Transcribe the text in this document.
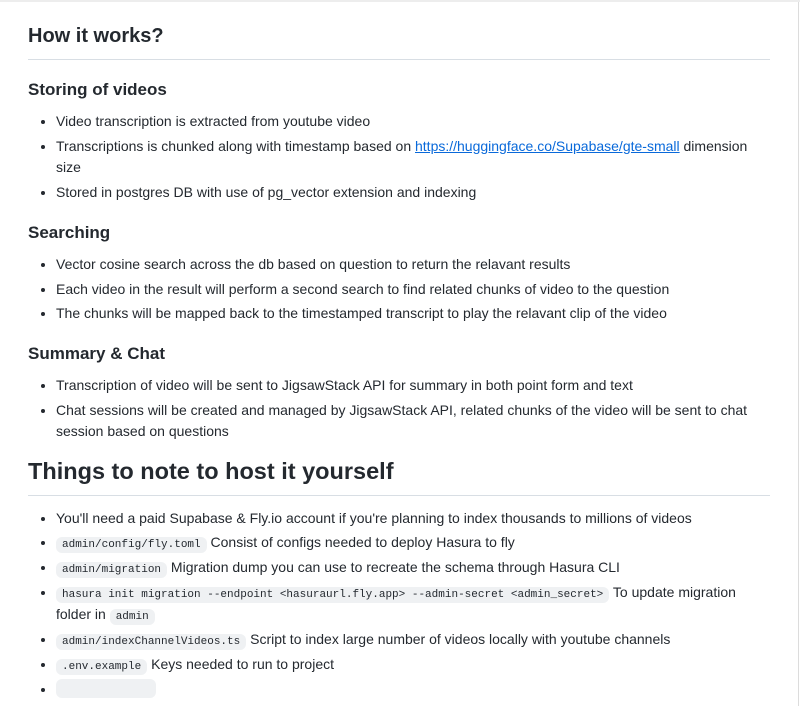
How it works?
Storing of videos
• Video transcription is extracted from youtube video
• Transcriptions is chunked along with timestamp based on https://huggingface.co/Supabase/gte-small dimension size
• Stored in postgres DB with use of pg_vector extension and indexing
Searching
• Vector cosine search across the db based on question to return the relavant results
• Each video in the result will perform a second search to find related chunks of video to the question
• The chunks will be mapped back to the timestamped transcript to play the relavant clip of the video
Summary & Chat
• Transcription of video will be sent to JigsawStack API for summary in both point form and text
• Chat sessions will be created and managed by JigsawStack API, related chunks of the video will be sent to chat session based on questions
Things to note to host it yourself
• You'll need a paid Supabase & Fly.io account if you're planning to index thousands to millions of videos
• admin/config/fly.toml Consist of configs needed to deploy Hasura to fly
• admin/migration Migration dump you can use to recreate the schema through Hasura CLI
• hasura init migration --endpoint <hasuraurl.fly.app> --admin-secret <admin_secret> To update migration folder in admin
• admin/indexChannelVideos.ts Script to index large number of videos locally with youtube channels
• .env.example Keys needed to run to project
•
